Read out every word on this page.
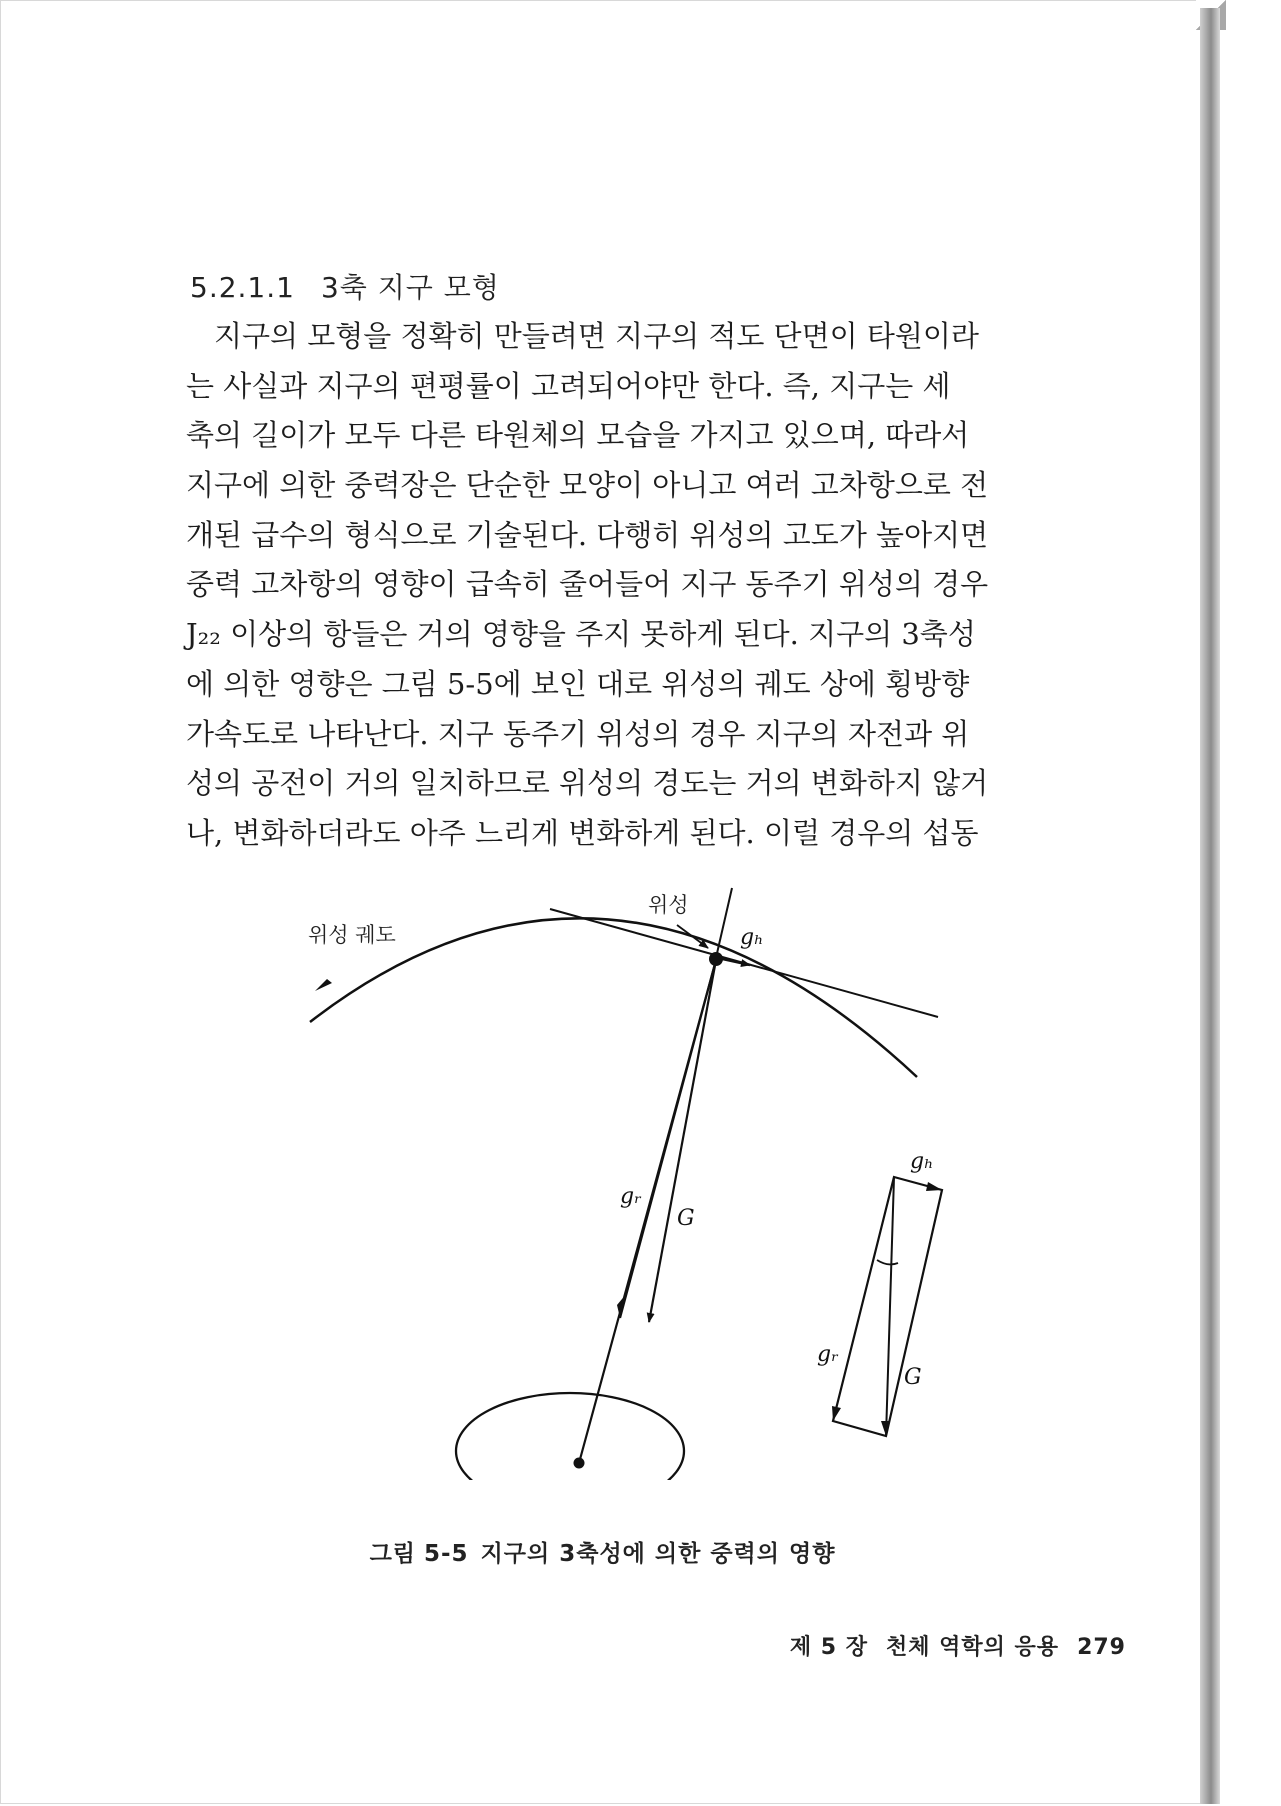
5.2.1.1 3축 지구 모형

지구의 모형을 정확히 만들려면 지구의 적도 단면이 타원이라
는 사실과 지구의 편평률이 고려되어야만 한다. 즉, 지구는 세
축의 길이가 모두 다른 타원체의 모습을 가지고 있으며, 따라서
지구에 의한 중력장은 단순한 모양이 아니고 여러 고차항으로 전
개된 급수의 형식으로 기술된다. 다행히 위성의 고도가 높아지면
중력 고차항의 영향이 급속히 줄어들어 지구 동주기 위성의 경우
J₂₂ 이상의 항들은 거의 영향을 주지 못하게 된다. 지구의 3축성
에 의한 영향은 그림 5-5에 보인 대로 위성의 궤도 상에 횡방향
가속도로 나타난다. 지구 동주기 위성의 경우 지구의 자전과 위
성의 공전이 거의 일치하므로 위성의 경도는 거의 변화하지 않거
나, 변화하더라도 아주 느리게 변화하게 된다. 이럴 경우의 섭동

위성 궤도
위성
gₕ
gᵣ
G
gₕ
gᵣ
G
그림 5-5 지구의 3축성에 의한 중력의 영향
제 5 장 천체 역학의 응용 279
